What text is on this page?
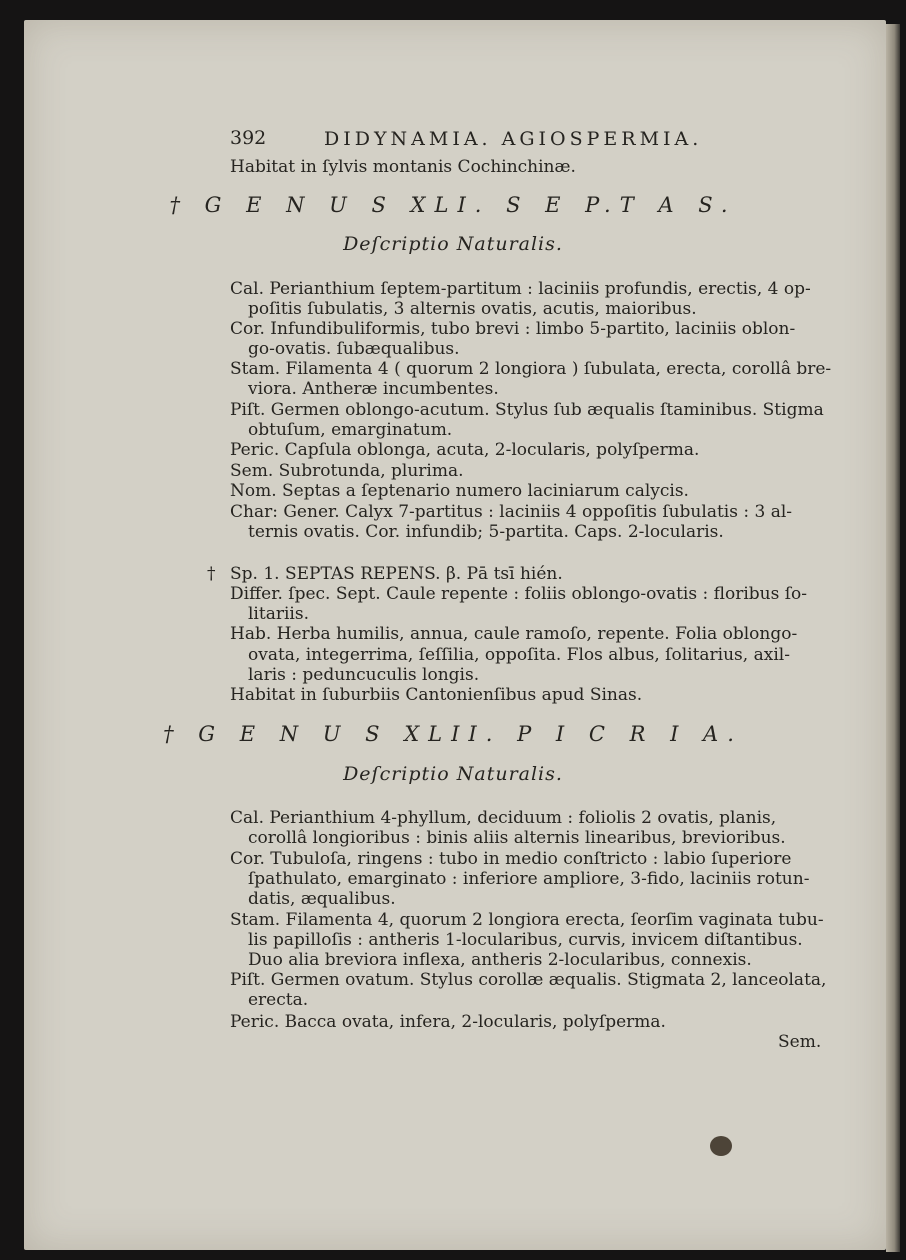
392	DIDYNAMIA. AGIOSPERMIA.
Habitat in ſylvis montanis Cochinchinæ.
† G E N U S XLI. S E P.T A S.
Deſcriptio Naturalis.
Cal. Perianthium ſeptem-partitum : laciniis profundis, erectis, 4 op-
poſitis ſubulatis, 3 alternis ovatis, acutis, maioribus.
Cor. Infundibuliformis, tubo brevi : limbo 5-partito, laciniis oblon-
go-ovatis. ſubæqualibus.
Stam. Filamenta 4 ( quorum 2 longiora ) ſubulata, erecta, corollâ bre-
viora. Antheræ incumbentes.
Piſt. Germen oblongo-acutum. Stylus ſub æqualis ſtaminibus. Stigma
obtuſum, emarginatum.
Peric. Capſula oblonga, acuta, 2-locularis, polyſperma.
Sem. Subrotunda, plurima.
Nom. Septas a ſeptenario numero laciniarum calycis.
Char: Gener. Calyx 7-partitus : laciniis 4 oppoſitis ſubulatis : 3 al-
ternis ovatis. Cor. infundib; 5-partita. Caps. 2-locularis.
† Sp. 1. SEPTAS REPENS. β. Pā tsī hién.
Differ. ſpec. Sept. Caule repente : foliis oblongo-ovatis : floribus ſo-
litariis.
Hab. Herba humilis, annua, caule ramoſo, repente. Folia oblongo-
ovata, integerrima, ſeſſilia, oppoſita. Flos albus, ſolitarius, axil-
laris : peduncuculis longis.
Habitat in ſuburbiis Cantonienſibus apud Sinas.
† G E N U S XLII. P I C R I A.
Deſcriptio Naturalis.
Cal. Perianthium 4-phyllum, deciduum : foliolis 2 ovatis, planis,
corollâ longioribus : binis aliis alternis linearibus, brevioribus.
Cor. Tubuloſa, ringens : tubo in medio conſtricto : labio ſuperiore
ſpathulato, emarginato : inferiore ampliore, 3-fido, laciniis rotun-
datis, æqualibus.
Stam. Filamenta 4, quorum 2 longiora erecta, ſeorſim vaginata tubu-
lis papilloſis : antheris 1-locularibus, curvis, invicem diſtantibus.
Duo alia breviora inflexa, antheris 2-locularibus, connexis.
Piſt. Germen ovatum. Stylus corollæ æqualis. Stigmata 2, lanceolata,
erecta.
Peric. Bacca ovata, infera, 2-locularis, polyſperma.
Sem.
